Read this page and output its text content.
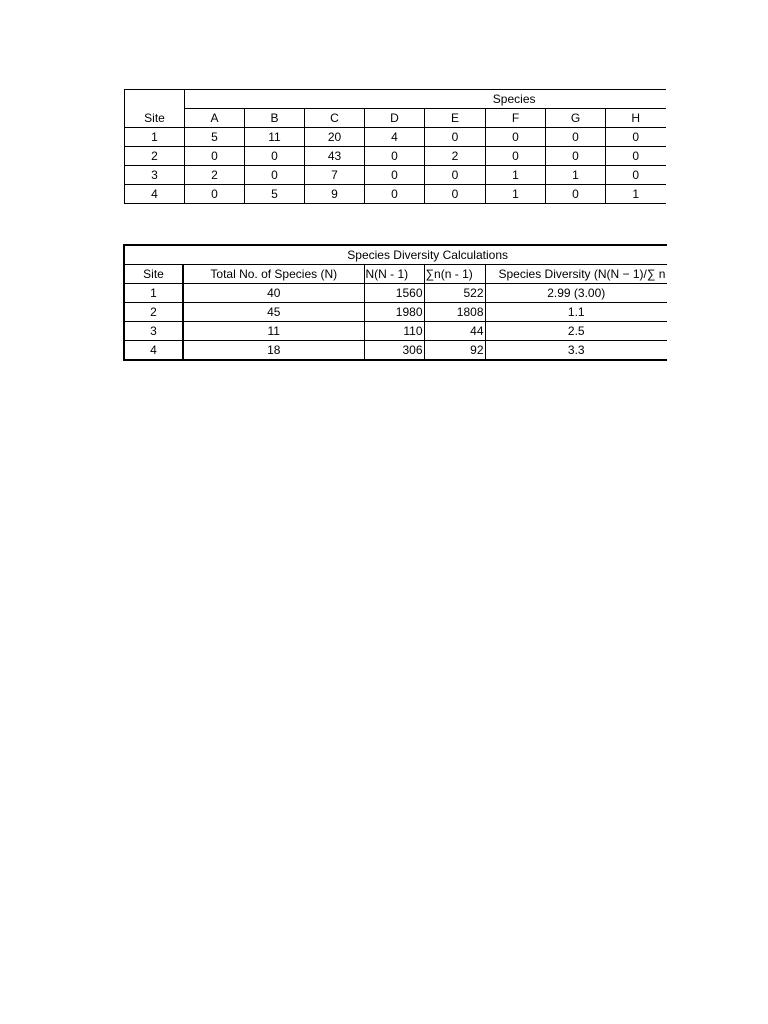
Site	Species							
	A	B	C	D	E	F	G	H
1	5	11	20	4	0	0	0	0
2	0	0	43	0	2	0	0	0
3	2	0	7	0	0	1	1	0
4	0	5	9	0	0	1	0	1
Species Diversity Calculations				
Site	Total No. of Species (N)	N(N - 1)	∑n(n - 1)	Species Diversity (N(N − 1)/∑ n
1	40	1560	522	2.99 (3.00)
2	45	1980	1808	1.1
3	11	110	44	2.5
4	18	306	92	3.3
